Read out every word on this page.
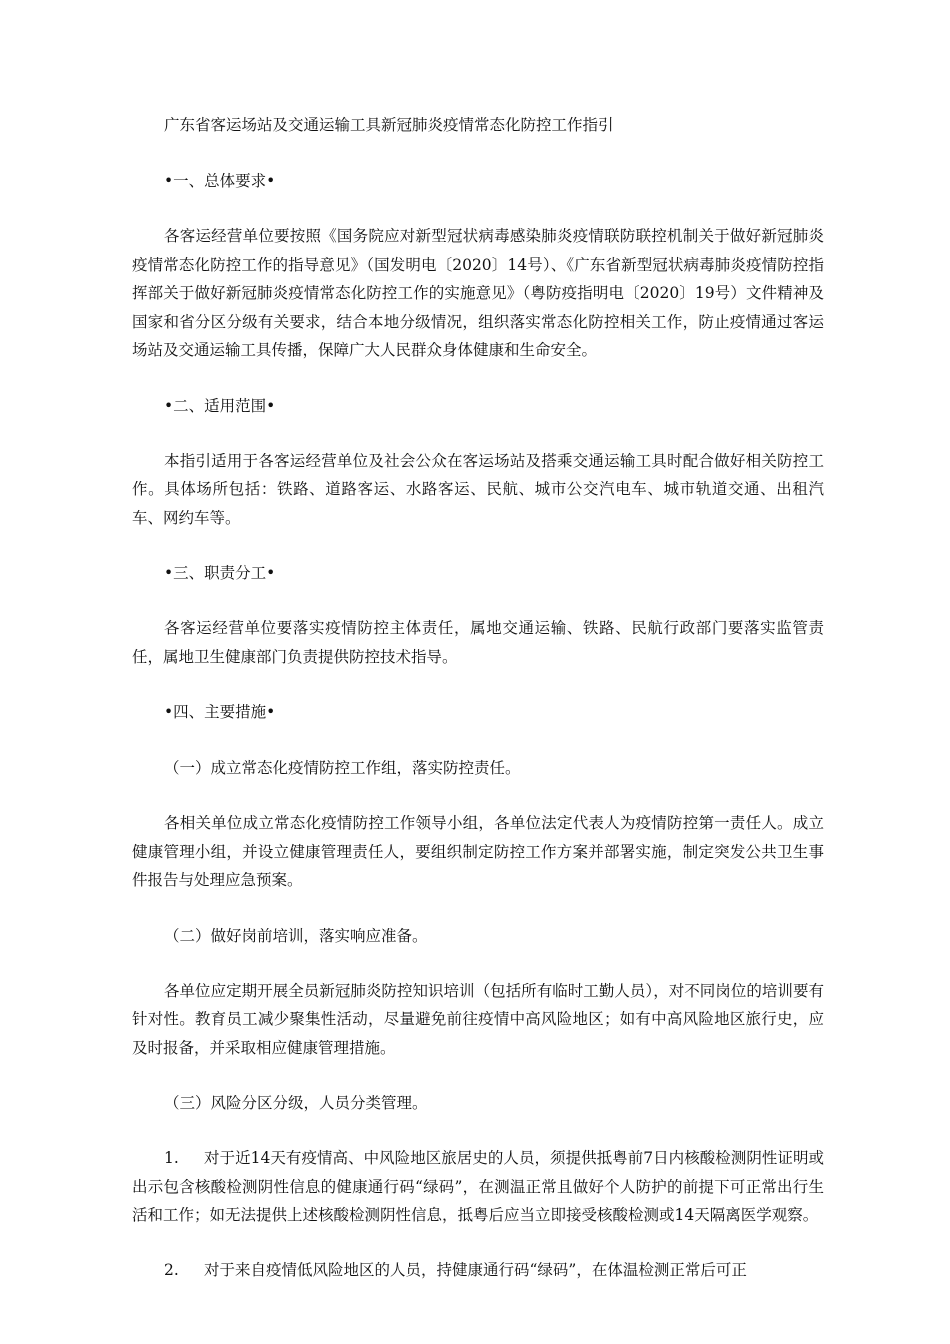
广东省客运场站及交通运输工具新冠肺炎疫情常态化防控工作指引
•一、总体要求•

各客运经营单位要按照《国务院应对新型冠状病毒感染肺炎疫情联防联控机制关于做好新冠肺炎疫情常态化防控工作的指导意见》（国发明电〔2020〕14号）、《广东省新型冠状病毒肺炎疫情防控指挥部关于做好新冠肺炎疫情常态化防控工作的实施意见》（粤防疫指明电〔2020〕19号）文件精神及国家和省分区分级有关要求，结合本地分级情况，组织落实常态化防控相关工作，防止疫情通过客运场站及交通运输工具传播，保障广大人民群众身体健康和生命安全。

•二、适用范围•

本指引适用于各客运经营单位及社会公众在客运场站及搭乘交通运输工具时配合做好相关防控工作。具体场所包括：铁路、道路客运、水路客运、民航、城市公交汽电车、城市轨道交通、出租汽车、网约车等。

•三、职责分工•

各客运经营单位要落实疫情防控主体责任，属地交通运输、铁路、民航行政部门要落实监管责任，属地卫生健康部门负责提供防控技术指导。

•四、主要措施•
（一）成立常态化疫情防控工作组，落实防控责任。

各相关单位成立常态化疫情防控工作领导小组，各单位法定代表人为疫情防控第一责任人。成立健康管理小组，并设立健康管理责任人，要组织制定防控工作方案并部署实施，制定突发公共卫生事件报告与处理应急预案。

（二）做好岗前培训，落实响应准备。

各单位应定期开展全员新冠肺炎防控知识培训（包括所有临时工勤人员），对不同岗位的培训要有针对性。教育员工减少聚集性活动，尽量避免前往疫情中高风险地区；如有中高风险地区旅行史，应及时报备，并采取相应健康管理措施。

（三）风险分区分级，人员分类管理。

1. 对于近14天有疫情高、中风险地区旅居史的人员，须提供抵粤前7日内核酸检测阴性证明或出示包含核酸检测阴性信息的健康通行码“绿码”，在测温正常且做好个人防护的前提下可正常出行生活和工作；如无法提供上述核酸检测阴性信息，抵粤后应当立即接受核酸检测或14天隔离医学观察。

2. 对于来自疫情低风险地区的人员，持健康通行码“绿码”，在体温检测正常后可正
